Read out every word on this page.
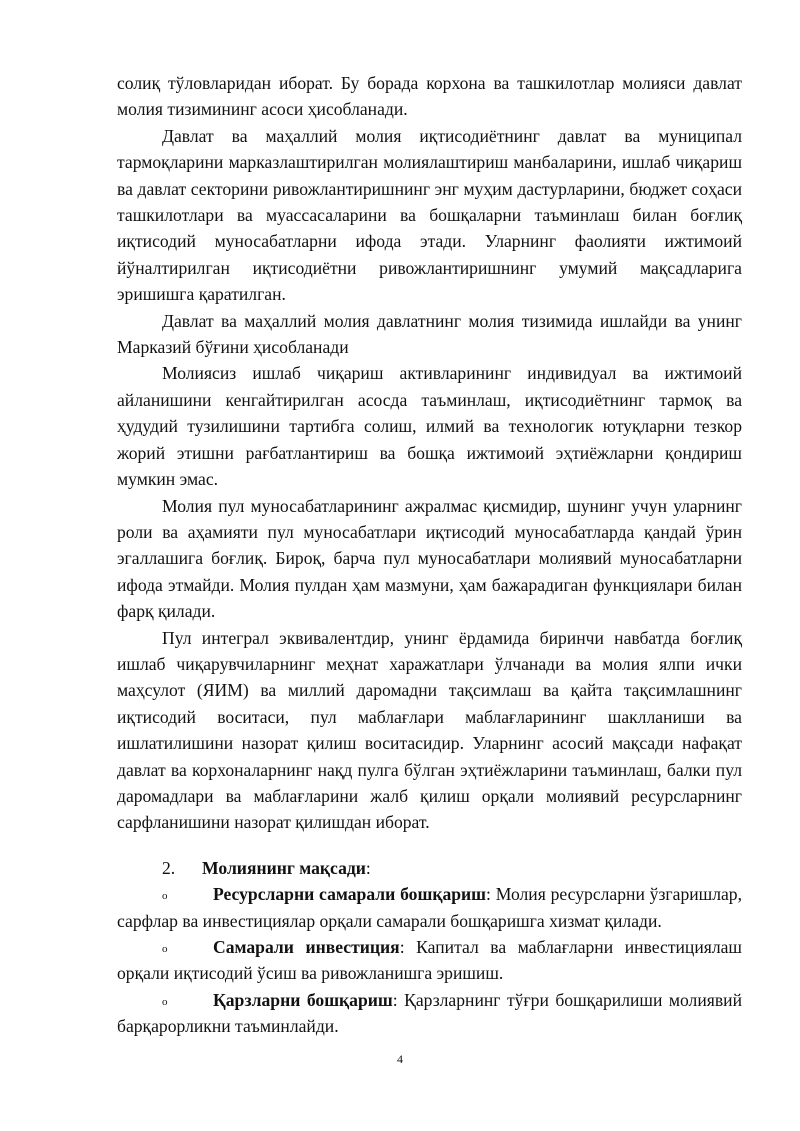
солиқ тўловларидан иборат. Бу борада корхона ва ташкилотлар молияси давлат молия тизимининг асоси ҳисобланади.

Давлат ва маҳаллий молия иқтисодиётнинг давлат ва муниципал тармоқларини марказлаштирилган молиялаштириш манбаларини, ишлаб чиқариш ва давлат секторини ривожлантиришнинг энг муҳим дастурларини, бюджет соҳаси ташкилотлари ва муассасаларини ва бошқаларни таъминлаш билан боғлиқ иқтисодий муносабатларни ифода этади. Уларнинг фаолияти ижтимоий йўналтирилган иқтисодиётни ривожлантиришнинг умумий мақсадларига эришишга қаратилган.

Давлат ва маҳаллий молия давлатнинг молия тизимида ишлайди ва унинг Марказий бўғини ҳисобланади

Молиясиз ишлаб чиқариш активларининг индивидуал ва ижтимоий айланишини кенгайтирилган асосда таъминлаш, иқтисодиётнинг тармоқ ва ҳудудий тузилишини тартибга солиш, илмий ва технологик ютуқларни тезкор жорий этишни рағбатлантириш ва бошқа ижтимоий эҳтиёжларни қондириш мумкин эмас.

Молия пул муносабатларининг ажралмас қисмидир, шунинг учун уларнинг роли ва аҳамияти пул муносабатлари иқтисодий муносабатларда қандай ўрин эгаллашига боғлиқ. Бироқ, барча пул муносабатлари молиявий муносабатларни ифода этмайди. Молия пулдан ҳам мазмуни, ҳам бажарадиган функциялари билан фарқ қилади.

Пул интеграл эквивалентдир, унинг ёрдамида биринчи навбатда боғлиқ ишлаб чиқарувчиларнинг меҳнат харажатлари ўлчанади ва молия ялпи ички маҳсулот (ЯИМ) ва миллий даромадни тақсимлаш ва қайта тақсимлашнинг иқтисодий воситаси, пул маблағлари маблағларининг шаклланиши ва ишлатилишини назорат қилиш воситасидир. Уларнинг асосий мақсади нафақат давлат ва корхоналарнинг нақд пулга бўлган эҳтиёжларини таъминлаш, балки пул даромадлари ва маблағларини жалб қилиш орқали молиявий ресурсларнинг сарфланишини назорат қилишдан иборат.

2. Молиянинг мақсади:

o	Ресурсларни самарали бошқариш: Молия ресурсларни ўзгаришлар, сарфлар ва инвестициялар орқали самарали бошқаришга хизмат қилади.

o	Самарали инвестиция: Капитал ва маблағларни инвестициялаш орқали иқтисодий ўсиш ва ривожланишга эришиш.

o	Қарзларни бошқариш: Қарзларнинг тўғри бошқарилиши молиявий барқарорликни таъминлайди.

4
